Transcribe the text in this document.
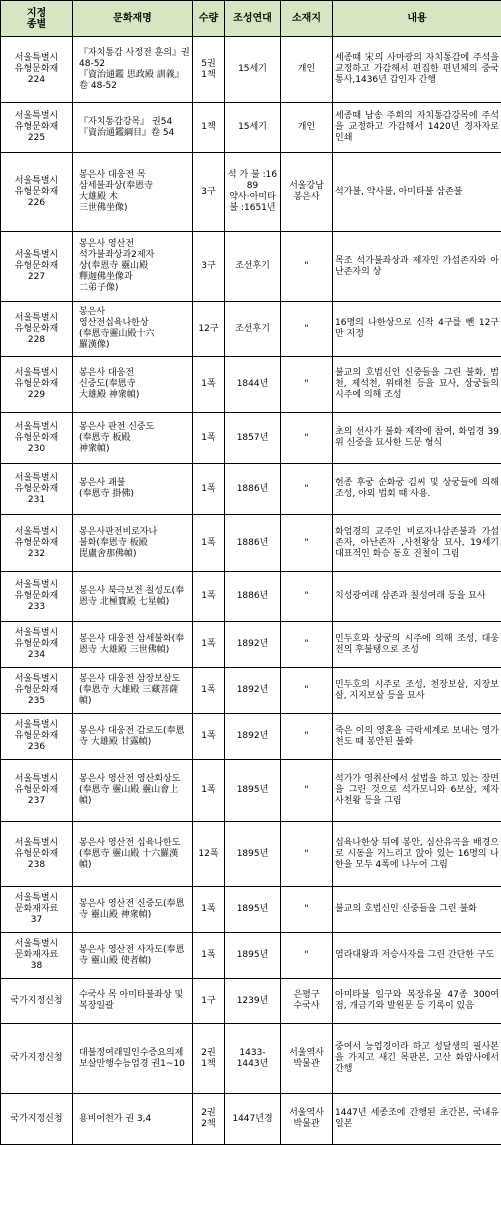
지정
종별	문화재명	수량	조성연대	소재지	내용
서울특별시
유형문화재
224	『자치통감 사정전 훈의』권 48-52
『資治通鑑 思政殿 訓義』 卷 48-52	5권
1책	15세기	개인	세종때 宋의 사마광의 자치통감에 주석을 교정하고 가감해서 편집한 편년체의 중국통사,1436년 갑인자 간행
서울특별시
유형문화재
225	『자치통감강목』 권54『資治通鑑綱目』卷 54	1책	15세기	개인	세종때 남송 주희의 자치통감강목에 주석을 교정하고 가감해서 1420년 경자자로 인쇄
서울특별시
유형문화재
226	봉은사 대웅전 목
삼세불좌상(奉恩寺
大雄殿 木
三世佛坐像)	3구	석 가 불 :1689
약사·아미타 불 :1651년	서울강남
봉은사	석가불, 약사불, 아미타불 삼존불
서울특별시
유형문화재
227	봉은사 영산전
석가불좌상과2제자
상(奉恩寺 靈山殿
釋迦佛坐像과
二弟子像)	3구	조선후기	"	목조 석가불좌상과 제자인 가섭존자와 아난존자의 상
서울특별시
유형문화재
228	봉은사
영산전십육나한상
(奉恩寺靈山殿十六
羅漢像)	12구	조선후기	"	16명의 나한상으로 신작 4구를 뺀 12구만 지정
서울특별시
유형문화재
229	봉은사 대웅전
신중도(奉恩寺
大雄殿 神衆幀)	1폭	1844년	"	불교의 호법신인 신중들을 그린 불화, 범천, 제석천, 위태천 등을 묘사, 상궁들의 시주에 의해 조성
서울특별시
유형문화재
230	봉은사 판전 신중도
(奉恩寺 板殿
神衆幀)	1폭	1857년	"	초의 선사가 불화 제작에 참여, 화엄경 39위 신중을 묘사한 드문 형식
서울특별시
유형문화재
231	봉은사 괘불
(奉恩寺 掛佛)	1폭	1886년	"	헌종 후궁 순화궁 김씨 및 상궁들에 의해 조성, 야외 법회 때 사용.
서울특별시
유형문화재
232	봉은사판전비로자나
불화(奉恩寺 板殿
毘盧舍那佛幀)	1폭	1886년	"	화엄경의 교주인 비로자나삼존불과 가섭존자, 아난존자 ,사천왕상 묘사, 19세기 대표적인 화승 동호 진철이 그림
서울특별시
유형문화재
233	봉은사 북극보전 칠성도(奉恩寺 北極寶殿 七星幀)	1폭	1886년	"	치성광여래 삼존과 칠성여래 등을 묘사
서울특별시
유형문화재
234	봉은사 대웅전 삼세불화(奉恩寺 大雄殿 三世佛幀)	1폭	1892년	"	민두호와 상궁의 시주에 의해 조성, 대웅전의 후불탱으로 조성
서울특별시
유형문화재
235	봉은사 대웅전 삼장보살도(奉恩寺 大雄殿 三藏菩薩幀)	1폭	1892년	"	민두호의 시주로 조성, 천장보살, 지장보살, 지지보살 등을 묘사
서울특별시
유형문화재
236	봉은사 대웅전 감로도(奉恩寺 大雄殿 甘露幀)	1폭	1892년	"	죽은 이의 영혼을 극락세계로 보내는 영가천도 때 봉안된 불화
서울특별시
유형문화재
237	봉은사 영산전 영산회상도(奉恩寺 靈山殿 靈山會上幀)	1폭	1895년	"	석가가 영취산에서 설법을 하고 있는 장면을 그린 것으로 석가모니와 6보살, 제자 사천왕 등을 그림
서울특별시
유형문화재
238	봉은사 영산전 십육나한도(奉恩寺 靈山殿 十六羅漢幀)	12폭	1895년	"	십육나한상 뒤에 봉안, 심산유곡을 배경으로 시동을 거느리고 앉아 있는 16명의 나한을 모두 4폭에 나누어 그림
서울특별시
문화재자료
37	봉은사 영산전 신중도(奉恩寺 靈山殿 神衆幀)	1폭	1895년	"	불교의 호법신인 신중들을 그린 불화
서울특별시
문화재자료
38	봉은사 영산전 사자도(奉恩寺 靈山殿 使者幀)	1폭	1895년	"	염라대왕과 저승사자를 그린 간단한 구도
국가지정신청	수국사 목 아미타불좌상 및 복장일괄	1구	1239년	은평구
수국사	아미타불 일구와 복장유물 47종 300여점, 개금기와 발원문 등 기록이 있음
국가지정신청	대불정여래밀인수증요의제보살만행수능엄경 권1~10	2권
1책	1433-
1443년	서울역사
박물관	중여서 능엄경이라 하고 성달생의 필사본을 가지고 새긴 목판본, 고산 화암사에서 간행
국가지정신청	용비어천가 권 3,4	2권
2책	1447년경	서울역사
박물관	1447년 세종조에 간행된 초간본, 국내유일본
